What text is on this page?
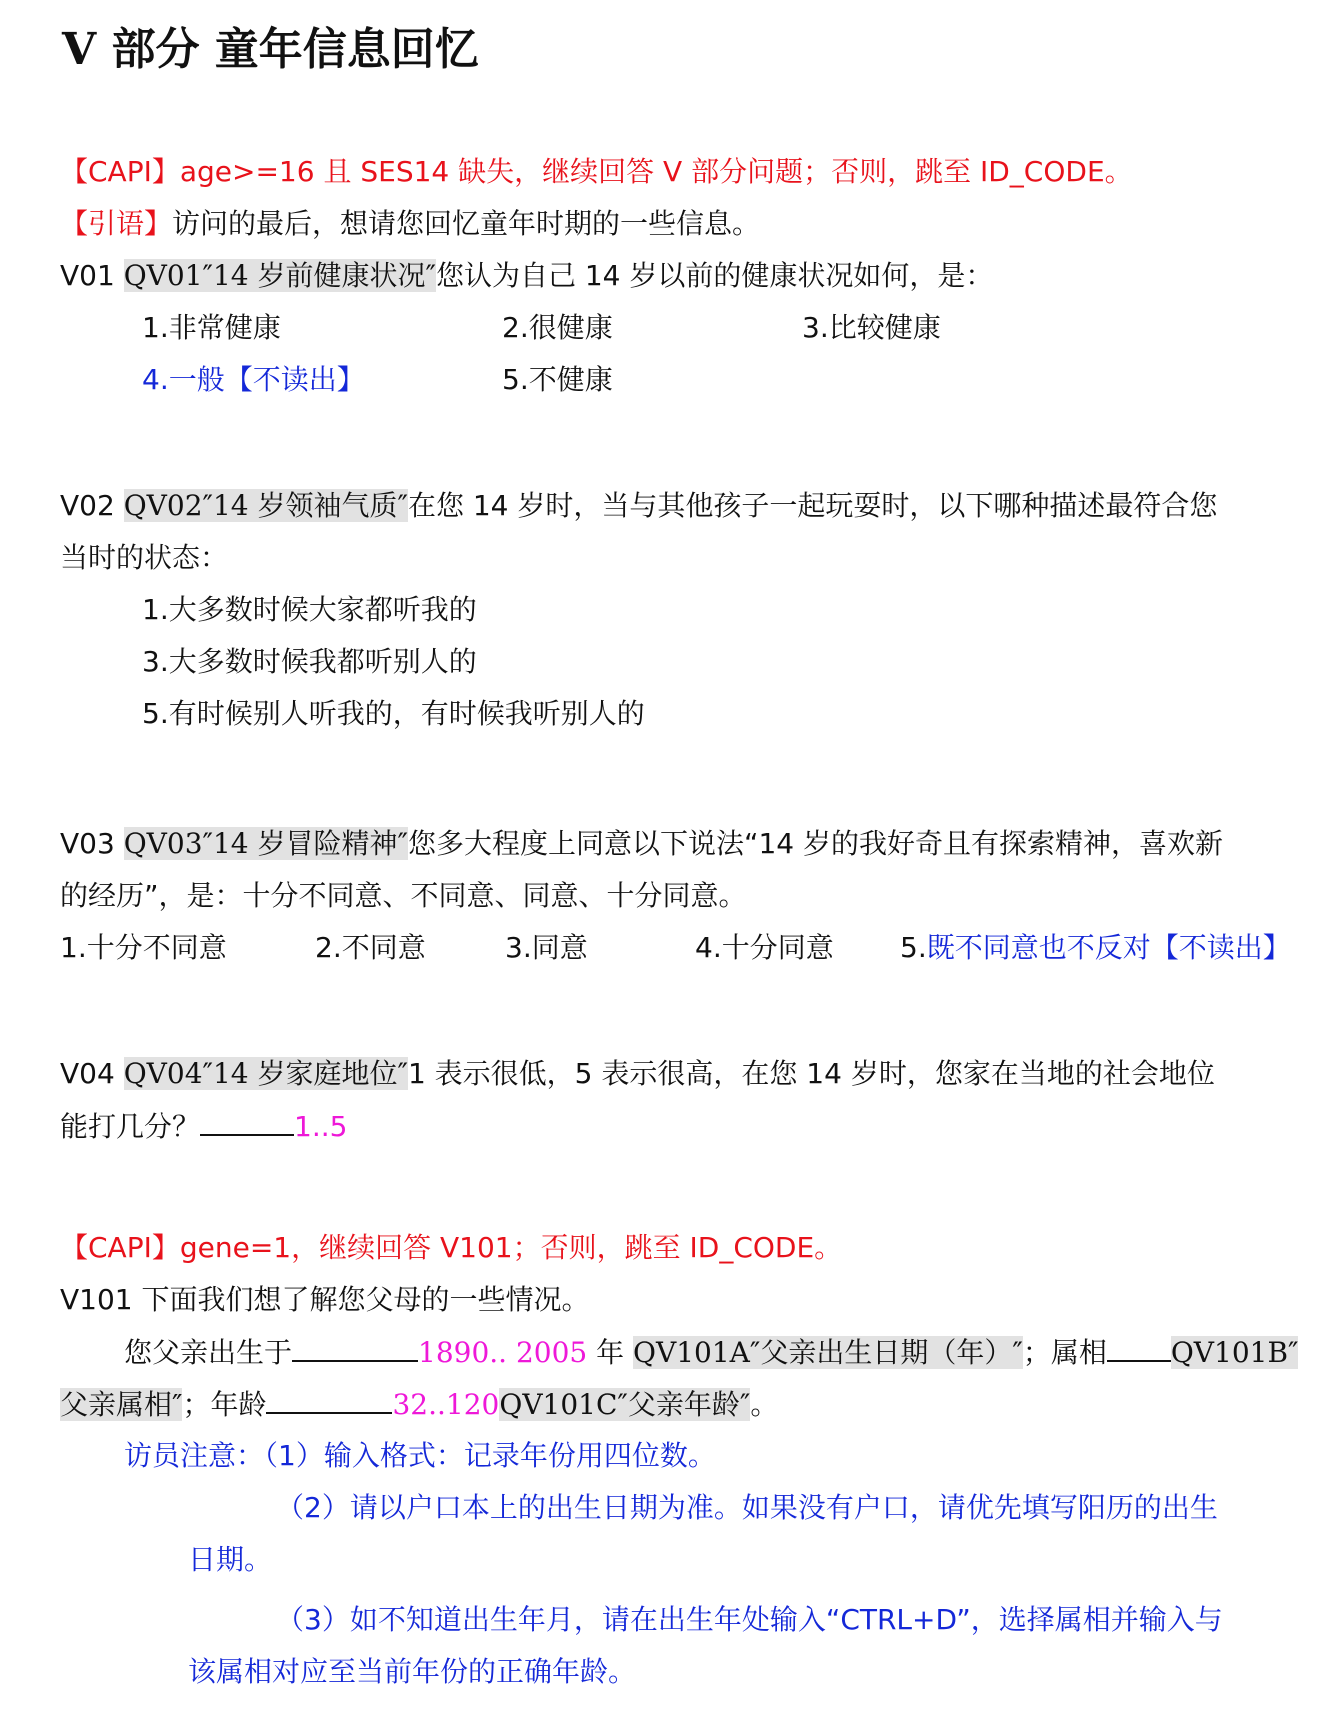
V 部分 童年信息回忆
【CAPI】age>=16 且 SES14 缺失，继续回答 V 部分问题；否则，跳至 ID_CODE。
【引语】访问的最后，想请您回忆童年时期的一些信息。
V01 QV01″14 岁前健康状况″您认为自己 14 岁以前的健康状况如何，是：
1.非常健康	2.很健康	3.比较健康
4.一般【不读出】	5.不健康
V02 QV02″14 岁领袖气质″在您 14 岁时，当与其他孩子一起玩耍时，以下哪种描述最符合您
当时的状态：
1.大多数时候大家都听我的
3.大多数时候我都听别人的
5.有时候别人听我的，有时候我听别人的
V03 QV03″14 岁冒险精神″您多大程度上同意以下说法“14 岁的我好奇且有探索精神，喜欢新
的经历”，是：十分不同意、不同意、同意、十分同意。
1.十分不同意	2.不同意	3.同意	4.十分同意 5.既不同意也不反对【不读出】
V04 QV04″14 岁家庭地位″1 表示很低，5 表示很高，在您 14 岁时，您家在当地的社会地位
能打几分？	1..5
【CAPI】gene=1，继续回答 V101；否则，跳至 ID_CODE。
V101 下面我们想了解您父母的一些情况。
您父亲出生于	1890.. 2005 年 QV101A″父亲出生日期（年）″；属相 QV101B″
父亲属相″；年龄	32..120QV101C″父亲年龄″。
访员注意：（1）输入格式：记录年份用四位数。
（2）请以户口本上的出生日期为准。如果没有户口，请优先填写阳历的出生
日期。
（3）如不知道出生年月，请在出生年处输入“CTRL+D”，选择属相并输入与
该属相对应至当前年份的正确年龄。
